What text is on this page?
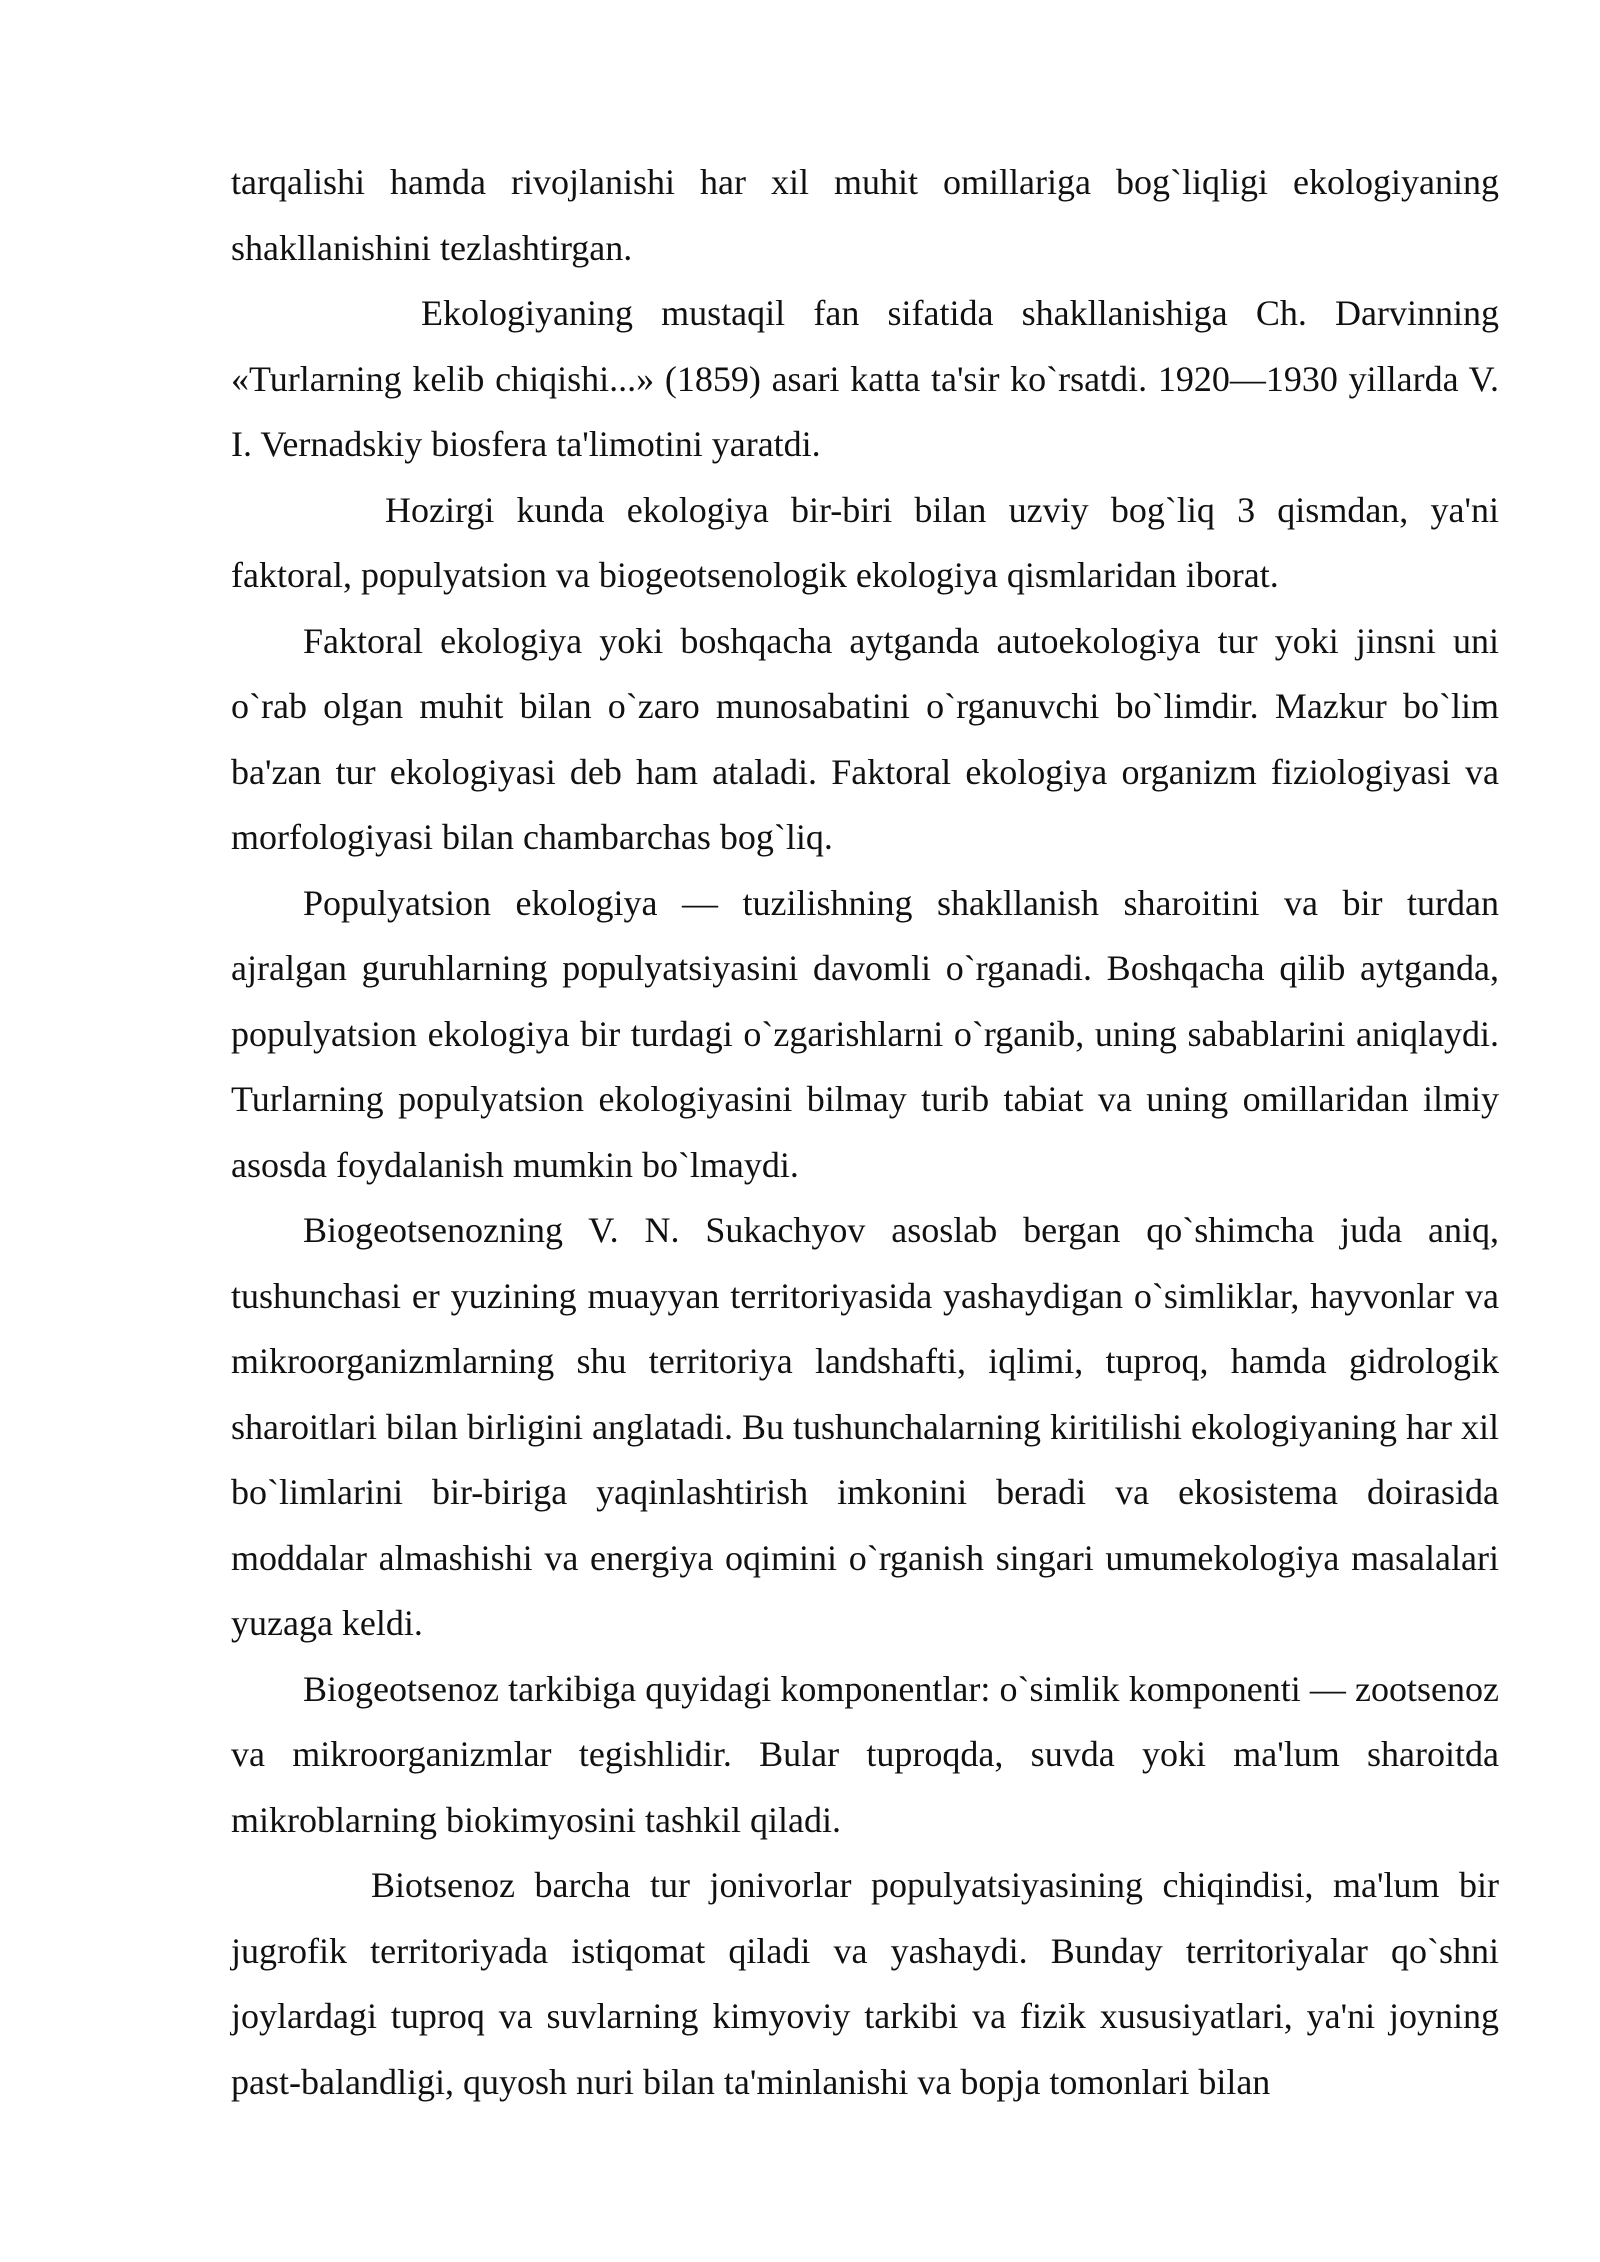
tarqalishi hamda rivojlanishi har xil muhit omillariga bog`liqligi ekologiyaning shakllanishini tezlashtirgan.

Ekologiyaning mustaqil fan sifatida shakllanishiga Ch. Darvinning «Turlarning kelib chiqishi...» (1859) asari katta ta'sir ko`rsatdi. 1920—1930 yillarda V. I. Vernadskiy biosfera ta'limotini yaratdi.

Hozirgi kunda ekologiya bir-biri bilan uzviy bog`liq 3 qismdan, ya'ni faktoral, populyatsion va biogeotsenologik ekologiya qismlaridan iborat.

Faktoral ekologiya yoki boshqacha aytganda autoekologiya tur yoki jinsni uni o`rab olgan muhit bilan o`zaro munosabatini o`rganuvchi bo`limdir. Mazkur bo`lim ba'zan tur ekologiyasi deb ham ataladi. Faktoral ekologiya organizm fiziologiyasi va morfologiyasi bilan chambarchas bog`liq.

Populyatsion ekologiya — tuzilishning shakllanish sharoitini va bir turdan ajralgan guruhlarning populyatsiyasini davomli o`rganadi. Boshqacha qilib aytganda, populyatsion ekologiya bir turdagi o`zgarishlarni o`rganib, uning sabablarini aniqlaydi. Turlarning populyatsion ekologiyasini bilmay turib tabiat va uning omillaridan ilmiy asosda foydalanish mumkin bo`lmaydi.

Biogeotsenozning V. N. Sukachyov asoslab bergan qo`shimcha juda aniq, tushunchasi er yuzining muayyan territoriyasida yashaydigan o`simliklar, hayvonlar va mikroorganizmlarning shu territoriya landshafti, iqlimi, tuproq, hamda gidrologik sharoitlari bilan birligini anglatadi. Bu tushunchalarning kiritilishi ekologiyaning har xil bo`limlarini bir-biriga yaqinlashtirish imkonini beradi va ekosistema doirasida moddalar almashishi va energiya oqimini o`rganish singari umumekologiya masalalari yuzaga keldi.

Biogeotsenoz tarkibiga quyidagi komponentlar: o`simlik komponenti — zootsenoz va mikroorganizmlar tegishlidir. Bular tuproqda, suvda yoki ma'lum sharoitda mikroblarning biokimyosini tashkil qiladi.

Biotsenoz barcha tur jonivorlar populyatsiyasining chiqindisi, ma'lum bir jugrofik territoriyada istiqomat qiladi va yashaydi. Bunday territoriyalar qo`shni joylardagi tuproq va suvlarning kimyoviy tarkibi va fizik xususiyatlari, ya'ni joyning past-balandligi, quyosh nuri bilan ta'minlanishi va bopja tomonlari bilan
